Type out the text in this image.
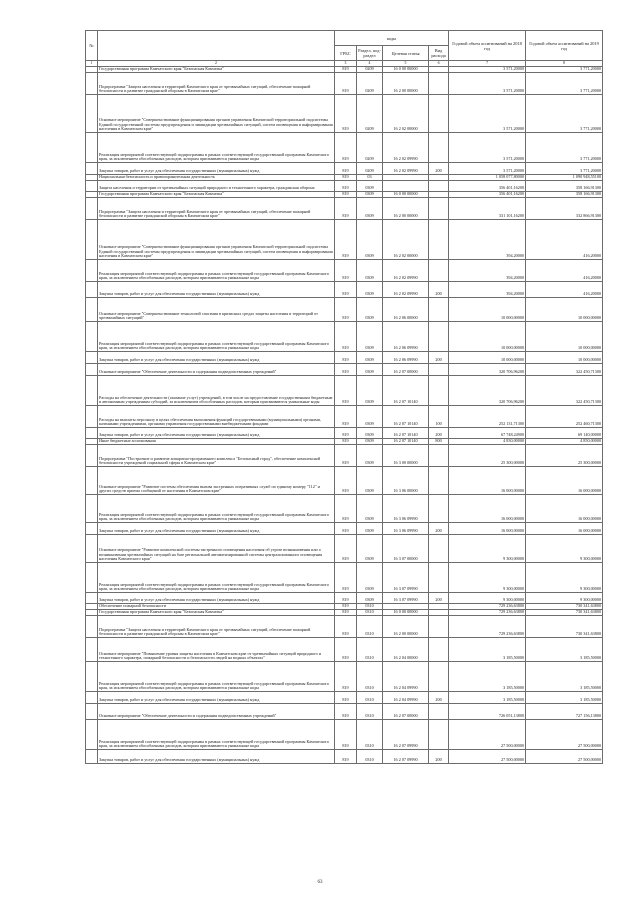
№		коды				Годовой объем ассигнований на 2018 год	Годовой объем ассигнований на 2019 год
		ГРБС	Раздел, под-раздел	Целевая статья	Вид расхода		
1	2	3	4	5	6	7	8
	Государственная программа Камчатского края "Безопасная Камчатка"	819	0209	16 0 00 00000		3 571,20000	3 771,20000
	Подпрограмма "Защита населения и территорий Камчатского края от чрезвычайных ситуаций, обеспечение пожарной безопасности и развитие гражданской обороны в Камчатском крае"	819	0209	16 2 00 00000		3 571,20000	3 771,20000
	Основное мероприятие "Совершенствование функционирования органов управления Камчатской территориальной подсистемы Единой государственной системы предупреждения и ликвидации чрезвычайных ситуаций, систем оповещения и информирования населения в Камчатском крае"	819	0209	16 2 02 00000		3 571,20000	3 771,20000
	Реализация мероприятий соответствующей подпрограммы в рамках соответствующей государственной программы Камчатского края, за исключением обособленных расходов, которым присваиваются уникальные коды	819	0209	16 2 02 09990		3 571,20000	3 771,20000
	Закупка товаров, работ и услуг для обеспечения государственных (муниципальных) нужд	819	0209	16 2 02 09990	200	3 571,20000	3 771,20000
	Национальная безопасность и правоохранительная деятельность	819	03			1 058 077,80000	1 090 948,55100
	Защита населения и территории от чрезвычайных ситуаций природного и техногенного характера, гражданская оборона	819	0309			356 401,16200	358 166,91300
	Государственная программа Камчатского края "Безопасная Камчатка"	819	0309	16 0 00 00000		356 401,16200	358 166,91300
	Подпрограмма "Защита населения и территорий Камчатского края от чрезвычайных ситуаций, обеспечение пожарной безопасности и развитие гражданской обороны в Камчатском крае"	819	0309	16 2 00 00000		331 101,16200	332 866,91300
	Основное мероприятие "Совершенствование функционирования органов управления Камчатской территориальной подсистемы Единой государственной системы предупреждения и ликвидации чрезвычайных ситуаций, систем оповещения и информирования населения в Камчатском крае"	819	0309	16 2 02 00000		394,20000	416,20000
	Реализация мероприятий соответствующей подпрограммы в рамках соответствующей государственной программы Камчатского края, за исключением обособленных расходов, которым присваиваются уникальные коды	819	0309	16 2 02 09990		394,20000	416,20000
	Закупка товаров, работ и услуг для обеспечения государственных (муниципальных) нужд	819	0309	16 2 02 09990	200	394,20000	416,20000
	Основное мероприятие "Совершенствование технологий спасения в кризисных средах защиты населения и территорий от чрезвычайных ситуаций"	819	0309	16 2 06 00000		10 000,00000	10 000,00000
	Реализация мероприятий соответствующей подпрограммы в рамках соответствующей государственной программы Камчатского края, за исключением обособленных расходов, которым присваиваются уникальные коды	819	0309	16 2 06 09990		10 000,00000	10 000,00000
	Закупка товаров, работ и услуг для обеспечения государственных (муниципальных) нужд	819	0309	16 2 06 09990	200	10 000,00000	10 000,00000
	Основное мероприятие "Обеспечение деятельности и содержания подведомственных учреждений"	819	0309	16 2 07 00000		320 706,96200	322 450,71300
	Расходы на обеспечение деятельности (оказание услуг) учреждений, в том числе на предоставление государственным бюджетным и автономным учреждениям субсидий, за исключением обособленных расходов, которым присваиваются уникальные коды	819	0309	16 2 07 10140		320 706,96200	322 450,71300
	Расходы на выплаты персоналу в целях обеспечения выполнения функций государственными (муниципальными) органами, казенными учреждениями, органами управления государственными внебюджетными фондами	819	0309	16 2 07 10140	100	252 131,71300	252 460,71300
	Закупка товаров, работ и услуг для обеспечения государственных (муниципальных) нужд	819	0309	16 2 07 10140	200	67 748,24900	69 140,00000
	Иные бюджетные ассигнования	819	0309	16 2 07 10140	800	4 830,00000	4 850,00000
	Подпрограмма "Построение и развитие аппаратно-программного комплекса "Безопасный город", обеспечение комплексной безопасности учреждений социальной сферы в Камчатском крае"	819	0309	16 3 00 00000		25 300,00000	25 300,00000
	Основное мероприятие "Развитие системы обеспечения вызова экстренных оперативных служб по единому номеру "112" и других средств приема сообщений от населения в Камчатском крае"	819	0309	16 3 06 00000		16 000,00000	16 000,00000
	Реализация мероприятий соответствующей подпрограммы в рамках соответствующей государственной программы Камчатского края, за исключением обособленных расходов, которым присваиваются уникальные коды	819	0309	16 3 06 09990		16 000,00000	16 000,00000
	Закупка товаров, работ и услуг для обеспечения государственных (муниципальных) нужд	819	0309	16 3 06 09990	200	16 000,00000	16 000,00000
	Основное мероприятие "Развитие комплексной системы экстренного оповещения населения об угрозе возникновения или о возникновении чрезвычайных ситуаций на базе региональной автоматизированной системы централизованного оповещения населения Камчатского края"	819	0309	16 3 07 00000		9 300,00000	9 300,00000
	Реализация мероприятий соответствующей подпрограммы в рамках соответствующей государственной программы Камчатского края, за исключением обособленных расходов, которым присваиваются уникальные коды	819	0309	16 3 07 09990		9 300,00000	9 300,00000
	Закупка товаров, работ и услуг для обеспечения государственных (муниципальных) нужд	819	0309	16 3 07 09990	200	9 300,00000	9 300,00000
	Обеспечение пожарной безопасности	819	0310			729 236,63800	730 341,63800
	Государственная программа Камчатского края "Безопасная Камчатка"	819	0310	16 0 00 00000		729 236,63800	730 341,63800
	Подпрограмма "Защита населения и территорий Камчатского края от чрезвычайных ситуаций, обеспечение пожарной безопасности и развитие гражданской обороны в Камчатском крае"	819	0310	16 2 00 00000		729 236,63800	730 341,63800
	Основное мероприятие "Повышение уровня защиты населения в Камчатском крае от чрезвычайных ситуаций природного и техногенного характера, пожарной безопасности и безопасности людей на водных объектах"	819	0310	16 2 04 00000		3 185,50000	3 185,50000
	Реализация мероприятий соответствующей подпрограммы в рамках соответствующей государственной программы Камчатского края, за исключением обособленных расходов, которым присваиваются уникальные коды	819	0310	16 2 04 09990		3 185,50000	3 185,50000
	Закупка товаров, работ и услуг для обеспечения государственных (муниципальных) нужд	819	0310	16 2 04 09990	200	3 185,50000	3 185,50000
	Основное мероприятие "Обеспечение деятельности и содержания подведомственных учреждений"	819	0310	16 2 07 00000		726 051,13800	727 156,13800
	Реализация мероприятий соответствующей подпрограммы в рамках соответствующей государственной программы Камчатского края, за исключением обособленных расходов, которым присваиваются уникальные коды	819	0310	16 2 07 09990		27 500,00000	27 500,00000
	Закупка товаров, работ и услуг для обеспечения государственных (муниципальных) нужд	819	0310	16 2 07 09990	200	27 500,00000	27 500,00000
63
